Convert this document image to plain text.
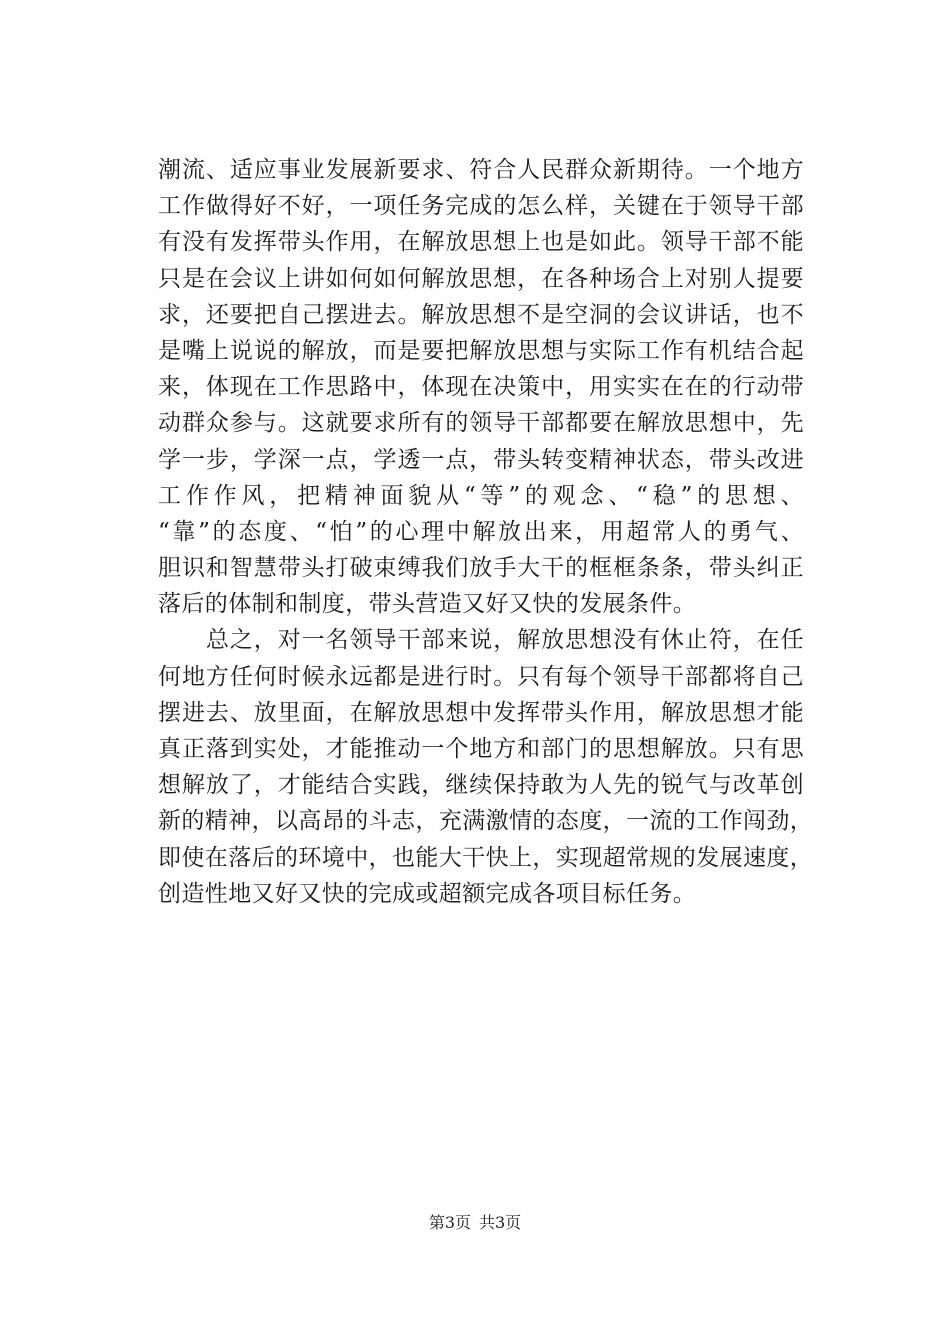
潮流、适应事业发展新要求、符合人民群众新期待。一个地方
工作做得好不好，一项任务完成的怎么样，关键在于领导干部
有没有发挥带头作用，在解放思想上也是如此。领导干部不能
只是在会议上讲如何如何解放思想，在各种场合上对别人提要
求，还要把自己摆进去。解放思想不是空洞的会议讲话，也不
是嘴上说说的解放，而是要把解放思想与实际工作有机结合起
来，体现在工作思路中，体现在决策中，用实实在在的行动带
动群众参与。这就要求所有的领导干部都要在解放思想中，先
学一步，学深一点，学透一点，带头转变精神状态，带头改进
工作作风，把精神面貌从“等”的观念、“稳”的思想、
“靠”的态度、“怕”的心理中解放出来，用超常人的勇气、
胆识和智慧带头打破束缚我们放手大干的框框条条，带头纠正
落后的体制和制度，带头营造又好又快的发展条件。
　　总之，对一名领导干部来说，解放思想没有休止符，在任
何地方任何时候永远都是进行时。只有每个领导干部都将自己
摆进去、放里面，在解放思想中发挥带头作用，解放思想才能
真正落到实处，才能推动一个地方和部门的思想解放。只有思
想解放了，才能结合实践，继续保持敢为人先的锐气与改革创
新的精神，以高昂的斗志，充满激情的态度，一流的工作闯劲，
即使在落后的环境中，也能大干快上，实现超常规的发展速度，
创造性地又好又快的完成或超额完成各项目标任务。
第3页 共3页
